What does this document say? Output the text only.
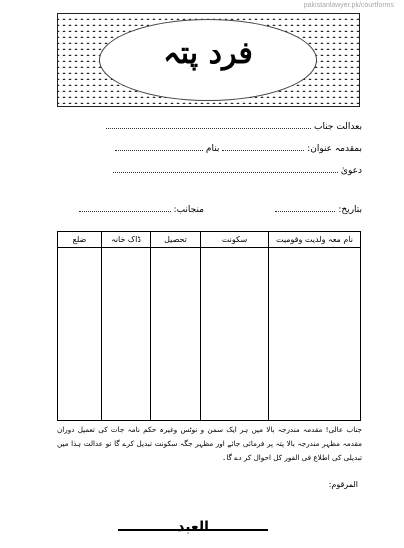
pakistanlawyer.pk/courtforms
فرد پتہ
بعدالت جناب
بمقدمہ عنوان:  بنام
دعویٰ
بتاریخ:
منجانب:
نام معہ ولدیت وقومیت	سکونت	تحصیل	ڈاک خانہ	ضلع

جناب عالی! مقدمہ مندرجہ بالا میں ہر ایک سمن و نوٹس وغیرہ حکم نامہ جات کی تعمیل دوران مقدمہ مظہر مندرجہ بالا پتہ پر فرمائی جائے اور مظہر جگہ سکونت تبدیل کرے گا تو عدالت ہذا میں تبدیلی کی اطلاع فی الفور کل احوال کر دے گا۔
المرقوم:
العبد
